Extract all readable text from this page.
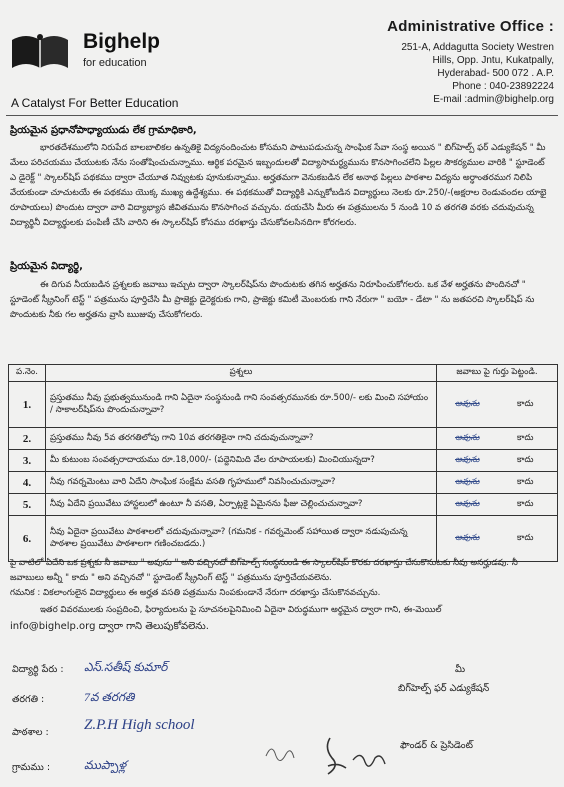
Bighelp
for education
A Catalyst For Better Education
Administrative Office :
251-A, Addagutta Society Westren
Hills, Opp. Jntu, Kukatpally,
Hyderabad- 500 072 . A.P.
Phone : 040-23892224
E-mail :admin@bighelp.org
ప్రియమైన ప్రధానోపాధ్యాయుడు లేక గ్రామాధికారి,
భారతదేశములోని నిరుపేద బాలబాలికల ఉన్నతికై విద్యనందించుట కోసమని పాటుపడుచున్న సాంఘిక సేవా సంస్థ అయిన " బిగ్‌హెల్ప్ ఫర్ ఎడ్యుకేషన్ " మీ మేలు పరిచయము చేయుటకు నేను సంతోషించుచున్నాము. ఆర్థిక పరమైన ఇబ్బందులతో విద్యాసామర్ధ్యమును కొనసాగించలేని పిల్లల సౌకర్యముల వారికి " స్టూడెంట్ ఎ డైరెక్ట్ " స్కాలర్‌షిప్ పథకము ద్వారా చేయూత నివ్వుటకు పూనుకున్నాము. అర్హతమగా వెనుకబడిన లేక అనాథ పిల్లలు పాఠశాల విద్యను అర్ధాంతరముగ నిలిపి వేయకుండా చూచుటయే ఈ పథకము యొక్క ముఖ్య ఉద్దేశ్యము. ఈ పథకముతో విద్యార్థికి ఎన్నుకోబడిన విద్యార్థులు నెలకు రూ.250/-(అక్షరాల రెండువందల యాభై రూపాయలు) పొందుట ద్వారా వారి విద్యాభ్యాస జీవితమును కొనసాగించ వచ్చును. దయచేసి మీరు ఈ పత్రములను 5 నుండి 10 వ తరగతి వరకు చదువుచున్న విద్యార్థినీ విద్యార్థులకు పంపిణీ చేసి వారిని ఈ స్కాలర్‌షిప్ కోసము దరఖాస్తు చేసుకోవలసినదిగా కోరగలరు.
ప్రియమైన విద్యార్థి,
ఈ దిగువ నీయబడిన ప్రశ్నలకు జవాబు ఇచ్చుట ద్వారా స్కాలర్‌షిప్‌ను పొందుటకు తగిన అర్హతను నిరూపించుకోగలరు. ఒక వేళ అర్హతను పొందినచో " స్టూడెంట్ స్క్రీనింగ్ టెస్ట్ " పత్రమును పూర్తిచేసి మీ ప్రాజెక్టు డైరెక్టరుకు గాని, ప్రాజెక్టు కమిటీ మెంబరుకు గాని నేరుగా " బయో - డేటా " ను జతపరచి స్కాలర్‌షిప్ ను పొందుటకు నీకు గల అర్హతను వ్రాసి ఋజువు చేసుకోగలరు.
ప.నెం.	ప్రశ్నలు	జవాబు పై గుర్తు పెట్టండి.
1.	ప్రస్తుతము నీవు ప్రభుత్వమునుండి గాని ఏదైనా సంస్థనుండి గాని సంవత్సరమునకు రూ.500/- లకు మించి సహాయం / సాకాలర్‌షిప్‌ను పొందుచున్నావా?	అవును కాదు
2.	ప్రస్తుతము నీవు 5వ తరగతిలోపు గాని 10వ తరగతికైనా గాని చదువుచున్నావా?	అవును కాదు
3.	మీ కుటుంబ సంవత్సరాదాయము రూ.18,000/- (పద్దెనిమిది వేల రూపాయలకు) మించియున్నదా?	అవును కాదు
4.	నీవు గవర్నమెంటు వారి ఏదేని సాంఘిక సంక్షేమ వసతి గృహములో నివసించుచున్నావా?	అవును కాదు
5.	నీవు ఏదేని ప్రయివేటు హాస్టలులో ఉంటూ నీ వసతి, ఏర్పాట్లకై ఏమైనను ఫీజు చెల్లించుచున్నావా?	అవును కాదు
6.	నీవు ఏదైనా ప్రయివేటు పాఠశాలలో చదువుచున్నావా? (గమనిక - గవర్నమెంట్ సహాయిత ద్వారా నడుపుచున్న పాఠశాల ప్రయివేటు పాఠశాలగా గణించబడదు.)	అవును కాదు
పై వాటిలో ఏదేని ఒక ప్రశ్నకు నీ జవాబు " అవును " అని వచ్చినచో బిగ్‌హెల్ప్ సంస్థనుండి ఈ స్కాలర్‌షిప్ కొరకు దరఖాస్తు చేసుకొనుటకు నీవు అనర్హుడవు. నీ జవాబులు అన్నీ " కాదు " అని వచ్చినచో " స్టూడెంట్ స్క్రీనింగ్ టెస్ట్ " పత్రమును పూర్తిచేయవలెను.
గమనిక : వికలాంగులైన విద్యార్థులు ఈ అర్హత వసతి పత్రమును నింపకుండానే నేరుగా దరఖాస్తు చేసుకొనవచ్చును.
ఇతర వివరములకు సంప్రదించి, ఫిర్యాదులను పై సూచనలపైనిమించి ఏదైనా విరుద్ధముగా అర్థమైన ద్వారా గాని, ఈ-మెయిల్
info@bighelp.org ద్వారా గాని తెలుపుకోవలెను.
విద్యార్థి పేరు : ఎస్.సతీష్ కుమార్
తరగతి :	7వ తరగతి
పాఠశాల : Z.P.H High school
గ్రామము :	ముప్పాళ్ల
మీ
బిగ్‌హెల్ప్ ఫర్ ఎడ్యుకేషన్
ఫౌండర్ & ప్రెసిడెంట్
